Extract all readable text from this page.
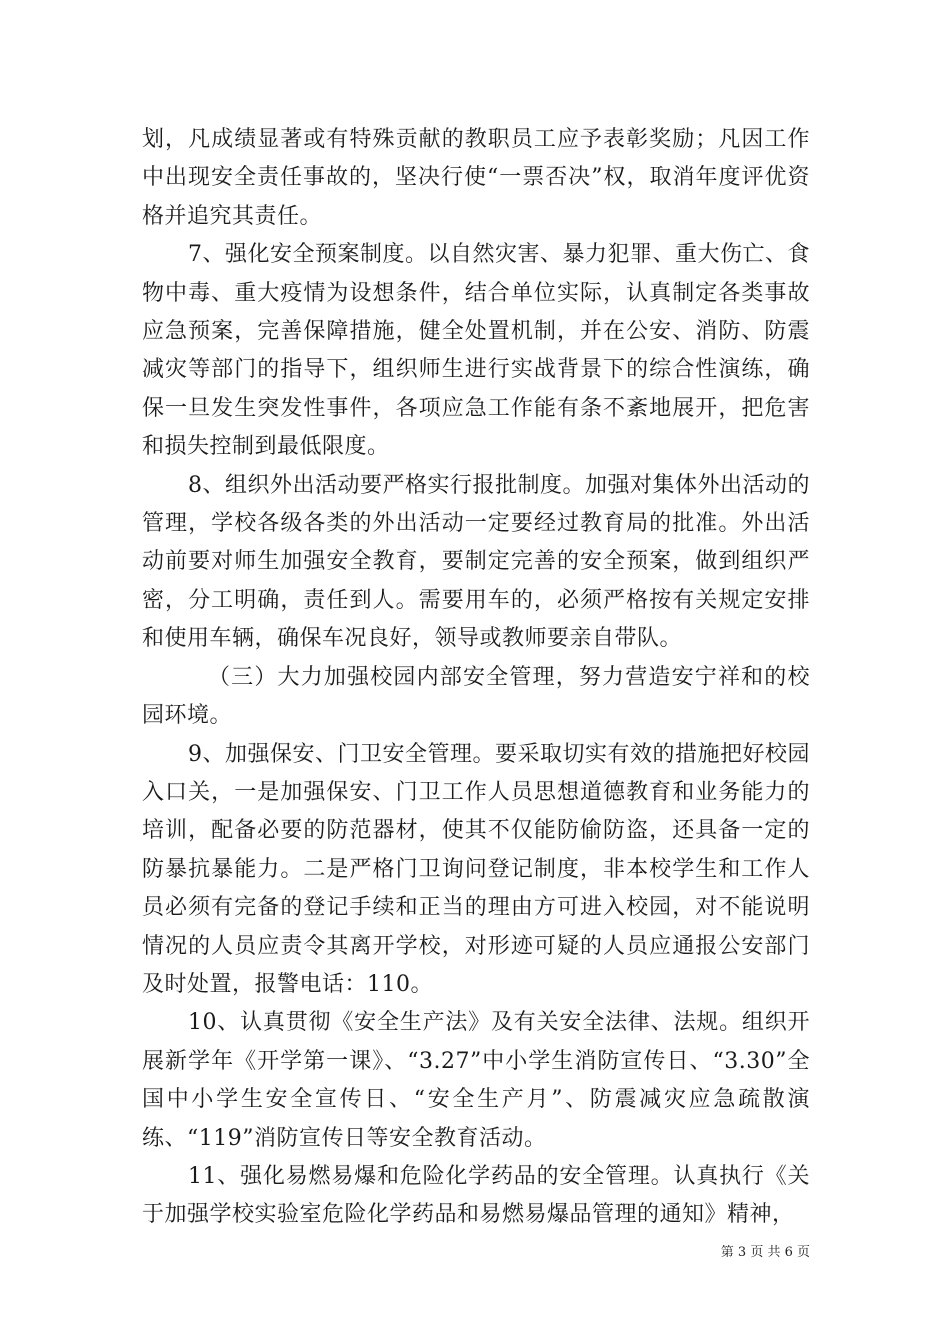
划，凡成绩显著或有特殊贡献的教职员工应予表彰奖励；凡因工作中出现安全责任事故的，坚决行使“一票否决”权，取消年度评优资格并追究其责任。

7、强化安全预案制度。以自然灾害、暴力犯罪、重大伤亡、食物中毒、重大疫情为设想条件，结合单位实际，认真制定各类事故应急预案，完善保障措施，健全处置机制，并在公安、消防、防震减灾等部门的指导下，组织师生进行实战背景下的综合性演练，确保一旦发生突发性事件，各项应急工作能有条不紊地展开，把危害和损失控制到最低限度。

8、组织外出活动要严格实行报批制度。加强对集体外出活动的管理，学校各级各类的外出活动一定要经过教育局的批准。外出活动前要对师生加强安全教育，要制定完善的安全预案，做到组织严密，分工明确，责任到人。需要用车的，必须严格按有关规定安排和使用车辆，确保车况良好，领导或教师要亲自带队。

（三）大力加强校园内部安全管理，努力营造安宁祥和的校园环境。

9、加强保安、门卫安全管理。要采取切实有效的措施把好校园入口关，一是加强保安、门卫工作人员思想道德教育和业务能力的培训，配备必要的防范器材，使其不仅能防偷防盗，还具备一定的防暴抗暴能力。二是严格门卫询问登记制度，非本校学生和工作人员必须有完备的登记手续和正当的理由方可进入校园，对不能说明情况的人员应责令其离开学校，对形迹可疑的人员应通报公安部门及时处置，报警电话：110。

10、认真贯彻《安全生产法》及有关安全法律、法规。组织开展新学年《开学第一课》、“3.27”中小学生消防宣传日、“3.30”全国中小学生安全宣传日、“安全生产月”、防震减灾应急疏散演练、“119”消防宣传日等安全教育活动。

11、强化易燃易爆和危险化学药品的安全管理。认真执行《关于加强学校实验室危险化学药品和易燃易爆品管理的通知》精神，

第 3 页 共 6 页
